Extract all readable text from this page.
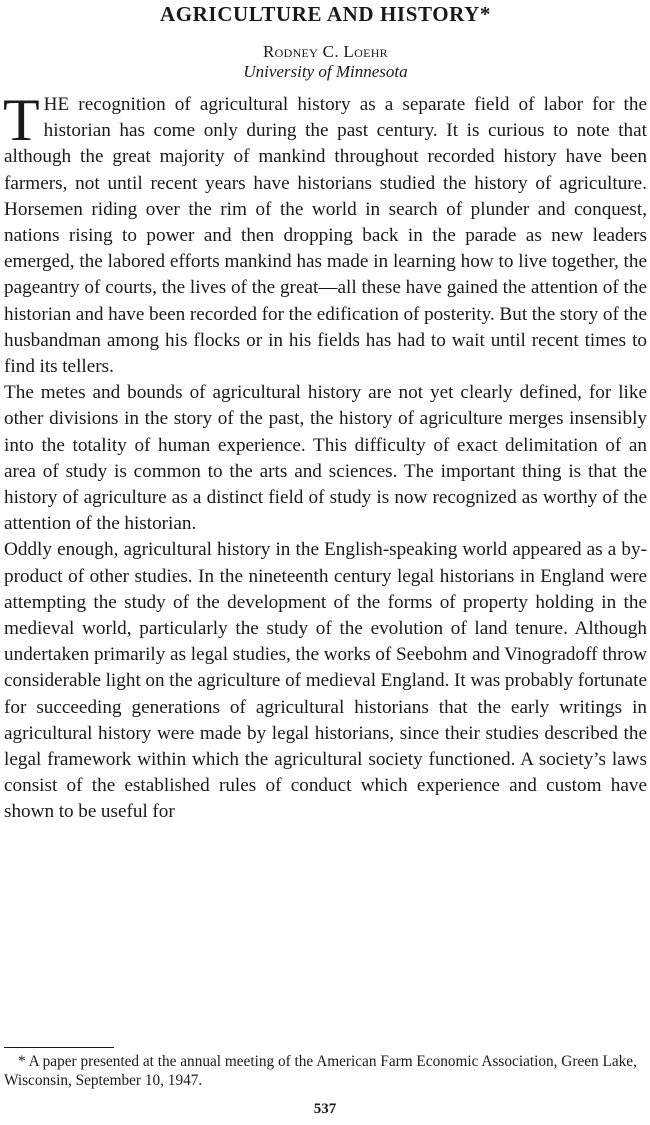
AGRICULTURE AND HISTORY*
Rodney C. Loehr
University of Minnesota

THE recognition of agricultural history as a separate field of labor for the historian has come only during the past century. It is curious to note that although the great majority of mankind throughout recorded history have been farmers, not until recent years have historians studied the history of agriculture. Horsemen riding over the rim of the world in search of plunder and conquest, nations rising to power and then dropping back in the parade as new leaders emerged, the labored efforts mankind has made in learning how to live together, the pageantry of courts, the lives of the great—all these have gained the attention of the historian and have been recorded for the edification of posterity. But the story of the husbandman among his flocks or in his fields has had to wait until recent times to find its tellers.

The metes and bounds of agricultural history are not yet clearly defined, for like other divisions in the story of the past, the history of agriculture merges insensibly into the totality of human experience. This difficulty of exact delimitation of an area of study is common to the arts and sciences. The important thing is that the history of agriculture as a distinct field of study is now recognized as worthy of the attention of the historian.

Oddly enough, agricultural history in the English-speaking world appeared as a by-product of other studies. In the nineteenth century legal historians in England were attempting the study of the development of the forms of property holding in the medieval world, particularly the study of the evolution of land tenure. Although undertaken primarily as legal studies, the works of Seebohm and Vinogradoff throw considerable light on the agriculture of medieval England. It was probably fortunate for succeeding generations of agricultural historians that the early writings in agricultural history were made by legal historians, since their studies described the legal framework within which the agricultural society functioned. A society’s laws consist of the established rules of conduct which experience and custom have shown to be useful for

* A paper presented at the annual meeting of the American Farm Economic Association, Green Lake, Wisconsin, September 10, 1947.
537
